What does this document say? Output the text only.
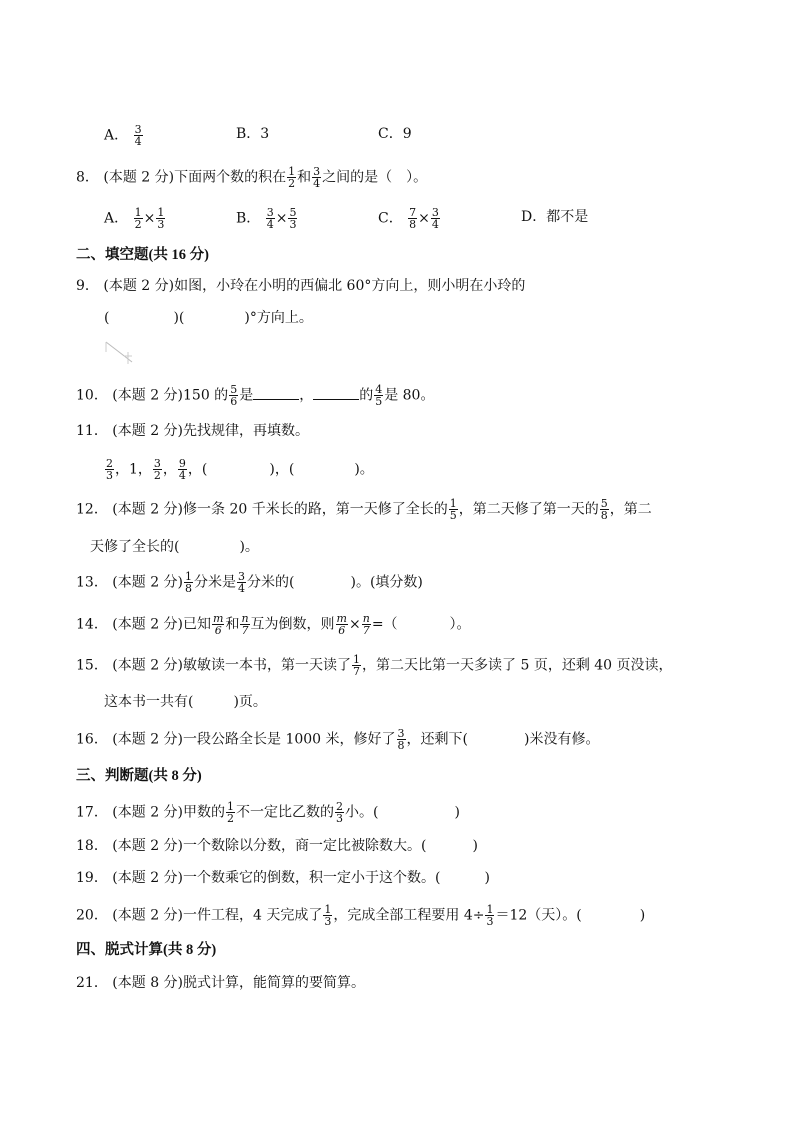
A． $\frac{3}{4}$	B．3	C．9
8． (本题 2 分)下面两个数的积在 $\frac{1}{2}$ 和 $\frac{3}{4}$ 之间的是（　）。
A． $\frac{1}{2} \times \frac{1}{3}$	B． $\frac{3}{4} \times \frac{5}{3}$	C． $\frac{7}{8} \times \frac{3}{4}$	D．都不是
二、填空题(共 16 分)
9． (本题 2 分)如图，小玲在小明的西偏北 60°方向上，则小明在小玲的
(	)(	)°方向上。
10． (本题 2 分)150 的 $\frac{5}{6}$ 是	，	的 $\frac{4}{5}$ 是 80。
11． (本题 2 分)先找规律，再填数。
$\frac{2}{3}$ ，1， $\frac{3}{2}$ ， $\frac{9}{4}$ ，(	)，(	)。
12． (本题 2 分)修一条 20 千米长的路，第一天修了全长的 $\frac{1}{5}$ ，第二天修了第一天的 $\frac{5}{8}$ ，第二
天修了全长的(	)。
13． (本题 2 分) $\frac{1}{8}$ 分米是 $\frac{3}{4}$ 分米的(	)。(填分数)
14． (本题 2 分)已知 $\frac{m}{6}$ 和 $\frac{n}{7}$ 互为倒数，则 $\frac{m}{6} \times \frac{n}{7}$ =（	）。
15． (本题 2 分)敏敏读一本书，第一天读了 $\frac{1}{7}$ ，第二天比第一天多读了 5 页，还剩 40 页没读，
这本书一共有(	)页。
16． (本题 2 分)一段公路全长是 1000 米，修好了 $\frac{3}{8}$ ，还剩下(	)米没有修。
三、判断题(共 8 分)
17． (本题 2 分)甲数的 $\frac{1}{2}$ 不一定比乙数的 $\frac{2}{3}$ 小。(	)
18． (本题 2 分)一个数除以分数，商一定比被除数大。(	)
19． (本题 2 分)一个数乘它的倒数，积一定小于这个数。(	)
20． (本题 2 分)一件工程，4 天完成了 $\frac{1}{3}$ ，完成全部工程要用 $4\div \frac{1}{3} =12$（天）。(	)
四、脱式计算(共 8 分)
21． (本题 8 分)脱式计算，能简算的要简算。
